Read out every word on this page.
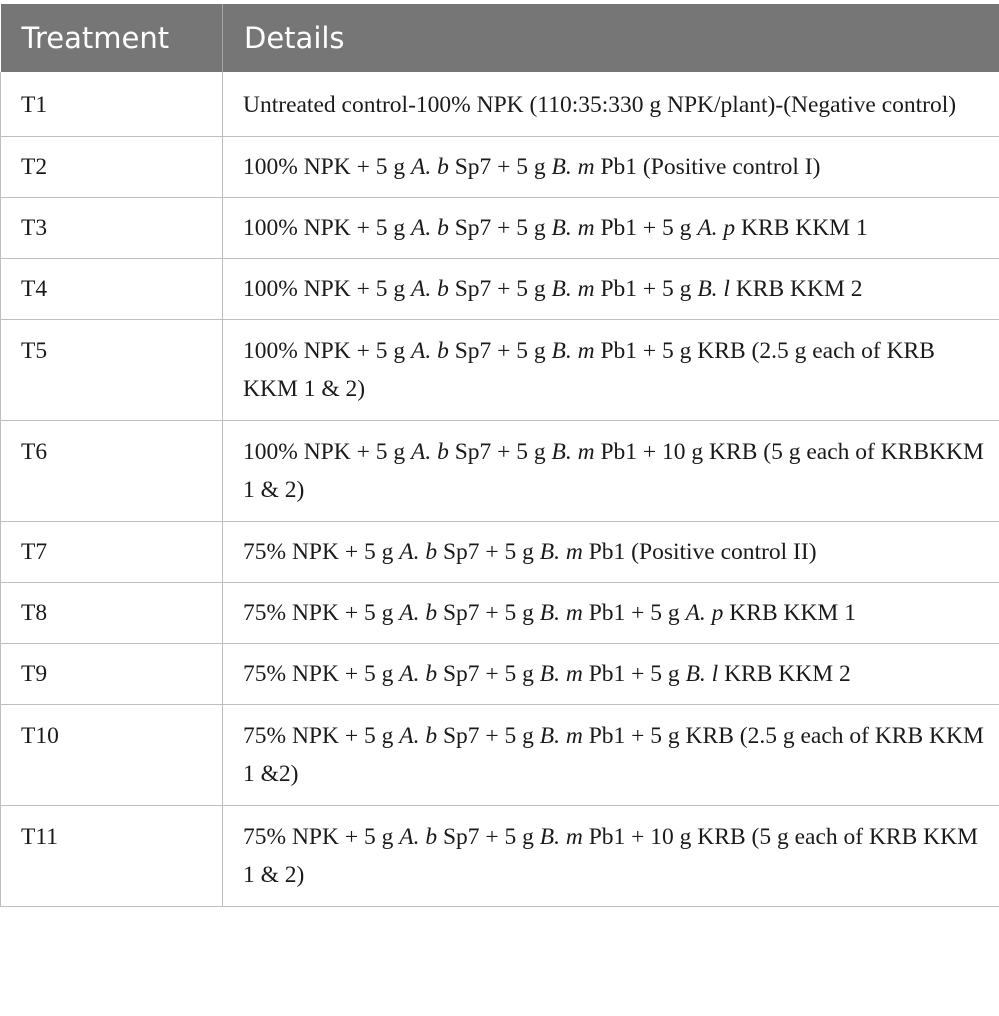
Treatment	Details
T1	Untreated control-100% NPK (110:35:330 g NPK/plant)-(Negative control)
T2	100% NPK + 5 g A. b Sp7 + 5 g B. m Pb1 (Positive control I)
T3	100% NPK + 5 g A. b Sp7 + 5 g B. m Pb1 + 5 g A. p KRB KKM 1
T4	100% NPK + 5 g A. b Sp7 + 5 g B. m Pb1 + 5 g B. l KRB KKM 2
T5	100% NPK + 5 g A. b Sp7 + 5 g B. m Pb1 + 5 g KRB (2.5 g each of KRB KKM 1 & 2)
T6	100% NPK + 5 g A. b Sp7 + 5 g B. m Pb1 + 10 g KRB (5 g each of KRBKKM 1 & 2)
T7	75% NPK + 5 g A. b Sp7 + 5 g B. m Pb1 (Positive control II)
T8	75% NPK + 5 g A. b Sp7 + 5 g B. m Pb1 + 5 g A. p KRB KKM 1
T9	75% NPK + 5 g A. b Sp7 + 5 g B. m Pb1 + 5 g B. l KRB KKM 2
T10	75% NPK + 5 g A. b Sp7 + 5 g B. m Pb1 + 5 g KRB (2.5 g each of KRB KKM 1 &2)
T11	75% NPK + 5 g A. b Sp7 + 5 g B. m Pb1 + 10 g KRB (5 g each of KRB KKM 1 & 2)
